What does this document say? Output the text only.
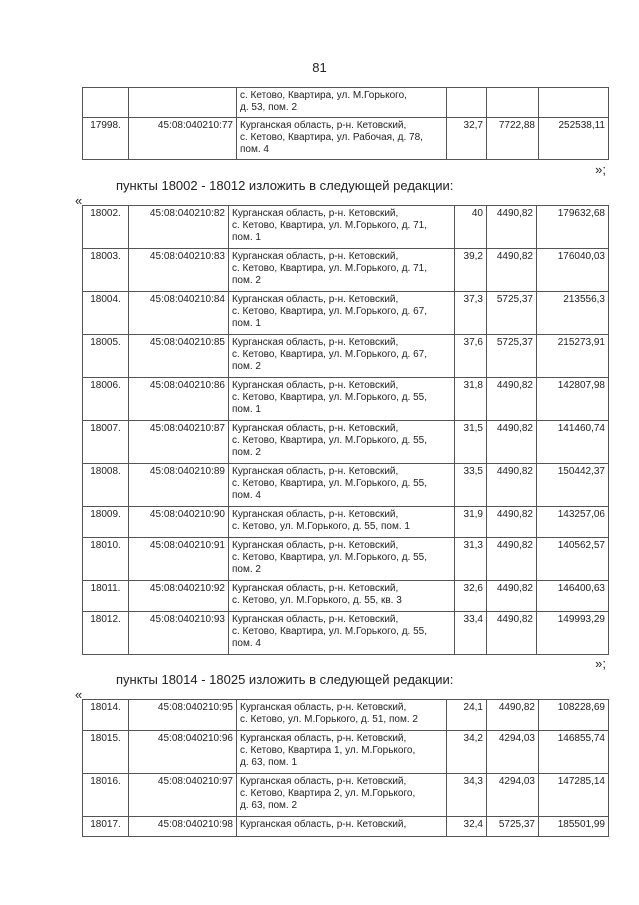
81
		с. Кетово, Квартира, ул. М.Горького,
д. 53, пом. 2			
17998.	45:08:040210:77	Курганская область, р-н. Кетовский,
с. Кетово, Квартира, ул. Рабочая, д. 78,
пом. 4	32,7	7722,88	252538,11
»;
пункты 18002 - 18012 изложить в следующей редакции:
«
18002.	45:08:040210:82	Курганская область, р-н. Кетовский,
с. Кетово, Квартира, ул. М.Горького, д. 71,
пом. 1	40	4490,82	179632,68
18003.	45:08:040210:83	Курганская область, р-н. Кетовский,
с. Кетово, Квартира, ул. М.Горького, д. 71,
пом. 2	39,2	4490,82	176040,03
18004.	45:08:040210:84	Курганская область, р-н. Кетовский,
с. Кетово, Квартира, ул. М.Горького, д. 67,
пом. 1	37,3	5725,37	213556,3
18005.	45:08:040210:85	Курганская область, р-н. Кетовский,
с. Кетово, Квартира, ул. М.Горького, д. 67,
пом. 2	37,6	5725,37	215273,91
18006.	45:08:040210:86	Курганская область, р-н. Кетовский,
с. Кетово, Квартира, ул. М.Горького, д. 55,
пом. 1	31,8	4490,82	142807,98
18007.	45:08:040210:87	Курганская область, р-н. Кетовский,
с. Кетово, Квартира, ул. М.Горького, д. 55,
пом. 2	31,5	4490,82	141460,74
18008.	45:08:040210:89	Курганская область, р-н. Кетовский,
с. Кетово, Квартира, ул. М.Горького, д. 55,
пом. 4	33,5	4490,82	150442,37
18009.	45:08:040210:90	Курганская область, р-н. Кетовский,
с. Кетово, ул. М.Горького, д. 55, пом. 1	31,9	4490,82	143257,06
18010.	45:08:040210:91	Курганская область, р-н. Кетовский,
с. Кетово, Квартира, ул. М.Горького, д. 55,
пом. 2	31,3	4490,82	140562,57
18011.	45:08:040210:92	Курганская область, р-н. Кетовский,
с. Кетово, ул. М.Горького, д. 55, кв. 3	32,6	4490,82	146400,63
18012.	45:08:040210:93	Курганская область, р-н. Кетовский,
с. Кетово, Квартира, ул. М.Горького, д. 55,
пом. 4	33,4	4490,82	149993,29
»;
пункты 18014 - 18025 изложить в следующей редакции:
«
18014.	45:08:040210:95	Курганская область, р-н. Кетовский,
с. Кетово, ул. М.Горького, д. 51, пом. 2	24,1	4490,82	108228,69
18015.	45:08:040210:96	Курганская область, р-н. Кетовский,
с. Кетово, Квартира 1, ул. М.Горького,
д. 63, пом. 1	34,2	4294,03	146855,74
18016.	45:08:040210:97	Курганская область, р-н. Кетовский,
с. Кетово, Квартира 2, ул. М.Горького,
д. 63, пом. 2	34,3	4294,03	147285,14
18017.	45:08:040210:98	Курганская область, р-н. Кетовский,	32,4	5725,37	185501,99
